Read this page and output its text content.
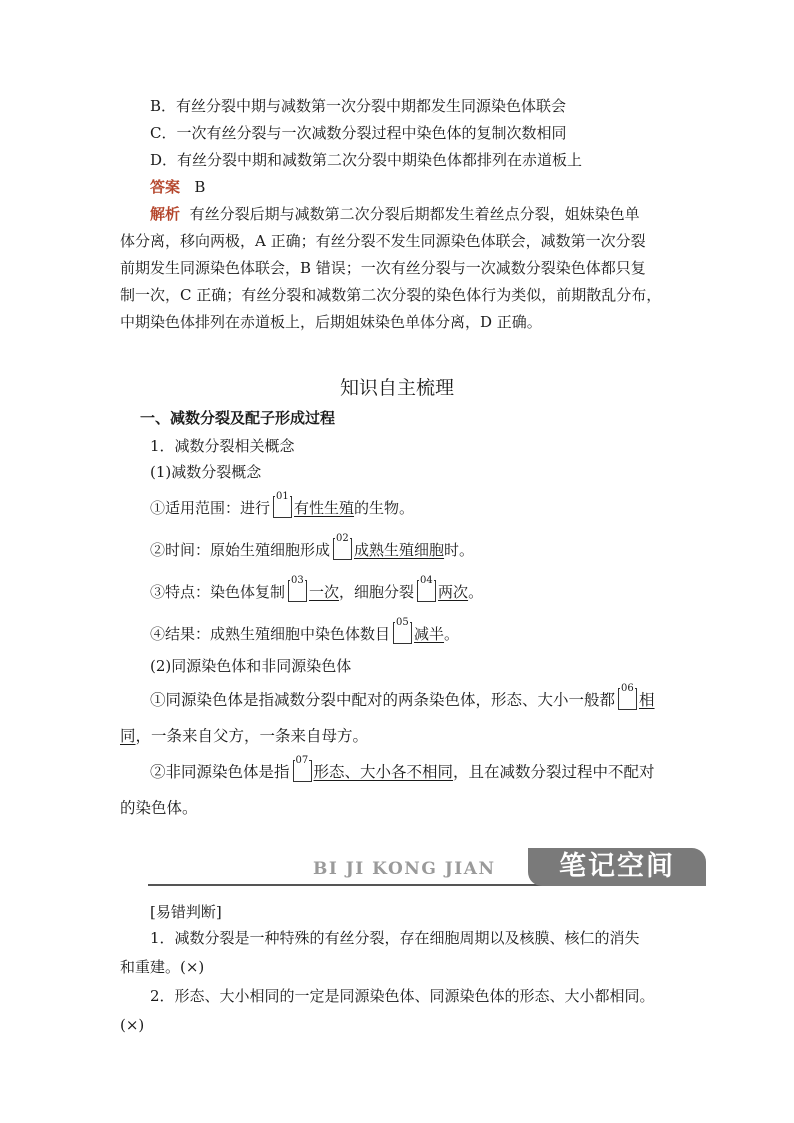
B．有丝分裂中期与减数第一次分裂中期都发生同源染色体联会
C．一次有丝分裂与一次减数分裂过程中染色体的复制次数相同
D．有丝分裂中期和减数第二次分裂中期染色体都排列在赤道板上
答案 B
解析 有丝分裂后期与减数第二次分裂后期都发生着丝点分裂，姐妹染色单
体分离，移向两极，A 正确；有丝分裂不发生同源染色体联会，减数第一次分裂
前期发生同源染色体联会，B 错误；一次有丝分裂与一次减数分裂染色体都只复
制一次，C 正确；有丝分裂和减数第二次分裂的染色体行为类似，前期散乱分布，
中期染色体排列在赤道板上，后期姐妹染色单体分离，D 正确。
知识自主梳理
一、减数分裂及配子形成过程
1．减数分裂相关概念
(1)减数分裂概念
①适用范围：进行
01
有性生殖的生物。
②时间：原始生殖细胞形成
02
成熟生殖细胞时。
③特点：染色体复制
03
一次，细胞分裂
04
两次。
④结果：成熟生殖细胞中染色体数目
05
减半。
(2)同源染色体和非同源染色体
①同源染色体是指减数分裂中配对的两条染色体，形态、大小一般都
06
相
同，一条来自父方，一条来自母方。
②非同源染色体是指
07
形态、大小各不相同，且在减数分裂过程中不配对
的染色体。
BI JI KONG JIAN	笔记空间
[易错判断]
1．减数分裂是一种特殊的有丝分裂，存在细胞周期以及核膜、核仁的消失
和重建。(×)
2．形态、大小相同的一定是同源染色体、同源染色体的形态、大小都相同。
(×)
